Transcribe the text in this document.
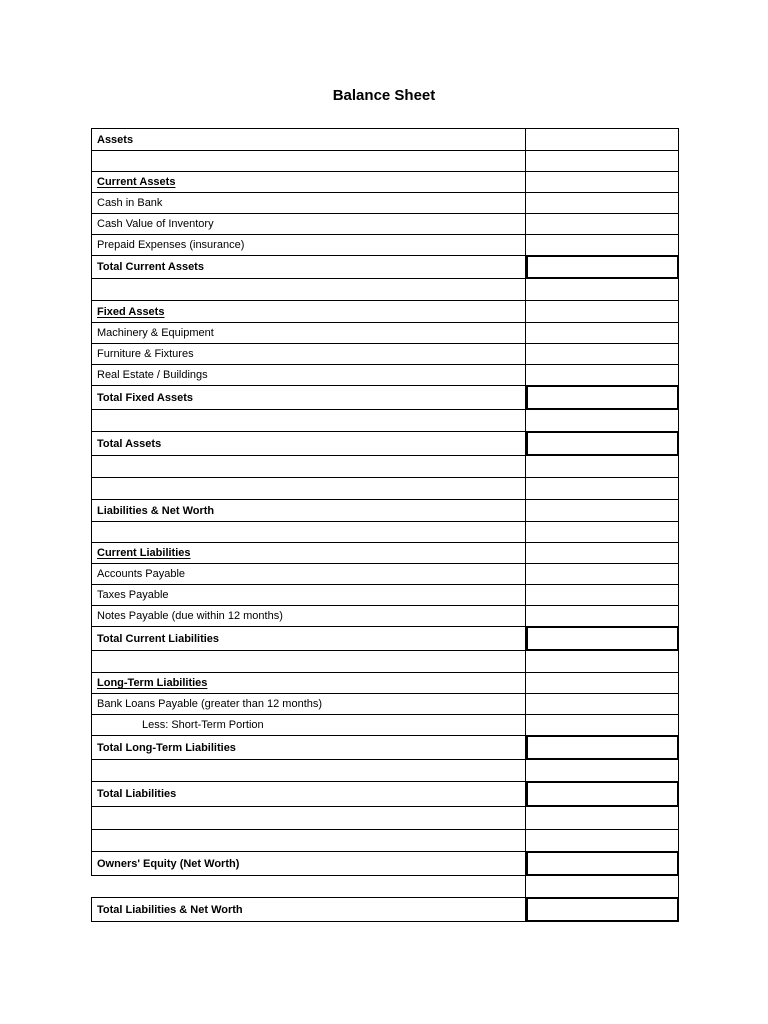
Balance Sheet
Assets
Current Assets
Cash in Bank
Cash Value of Inventory
Prepaid Expenses (insurance)
Total Current Assets
Fixed Assets
Machinery & Equipment
Furniture & Fixtures
Real Estate / Buildings
Total Fixed Assets
Total Assets
Liabilities & Net Worth
Current Liabilities
Accounts Payable
Taxes Payable
Notes Payable (due within 12 months)
Total Current Liabilities
Long-Term Liabilities
Bank Loans Payable (greater than 12 months)
Less: Short-Term Portion
Total Long-Term Liabilities
Total Liabilities
Owners' Equity (Net Worth)
Total Liabilities & Net Worth
